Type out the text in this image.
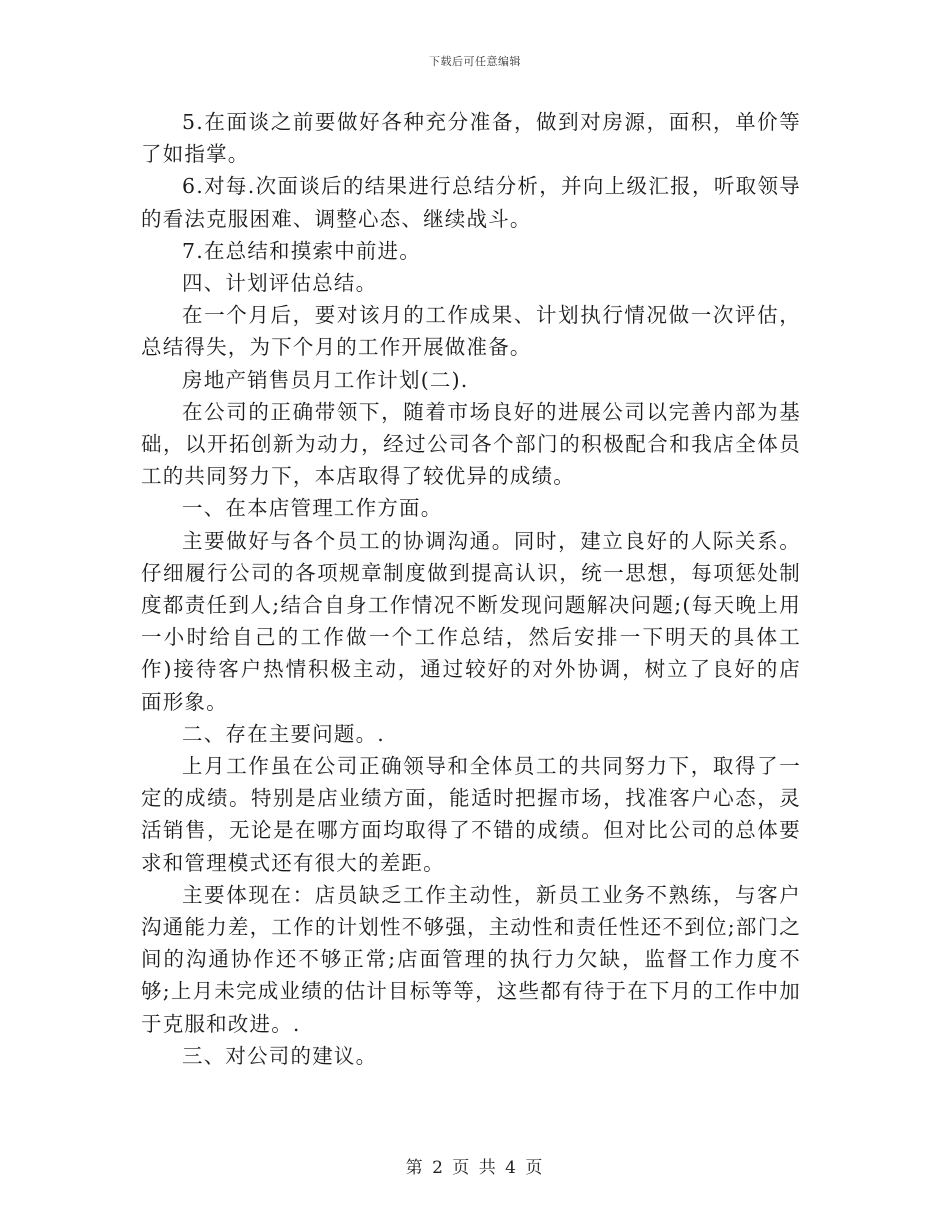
下载后可任意编辑

5.在面谈之前要做好各种充分准备，做到对房源，面积，单价等了如指掌。

6.对每.次面谈后的结果进行总结分析，并向上级汇报，听取领导的看法克服困难、调整心态、继续战斗。

7.在总结和摸索中前进。

四、计划评估总结。

在一个月后，要对该月的工作成果、计划执行情况做一次评估，总结得失，为下个月的工作开展做准备。

房地产销售员月工作计划(二).

在公司的正确带领下，随着市场良好的进展公司以完善内部为基础，以开拓创新为动力，经过公司各个部门的积极配合和我店全体员工的共同努力下，本店取得了较优异的成绩。

一、在本店管理工作方面。

主要做好与各个员工的协调沟通。同时，建立良好的人际关系。仔细履行公司的各项规章制度做到提高认识，统一思想，每项惩处制度都责任到人;结合自身工作情况不断发现问题解决问题;(每天晚上用一小时给自己的工作做一个工作总结，然后安排一下明天的具体工作)接待客户热情积极主动，通过较好的对外协调，树立了良好的店面形象。

二、存在主要问题。.

上月工作虽在公司正确领导和全体员工的共同努力下，取得了一定的成绩。特别是店业绩方面，能适时把握市场，找准客户心态，灵活销售，无论是在哪方面均取得了不错的成绩。但对比公司的总体要求和管理模式还有很大的差距。

主要体现在：店员缺乏工作主动性，新员工业务不熟练，与客户沟通能力差，工作的计划性不够强，主动性和责任性还不到位;部门之间的沟通协作还不够正常;店面管理的执行力欠缺，监督工作力度不够;上月未完成业绩的估计目标等等，这些都有待于在下月的工作中加于克服和改进。.

三、对公司的建议。

第 2 页 共 4 页
